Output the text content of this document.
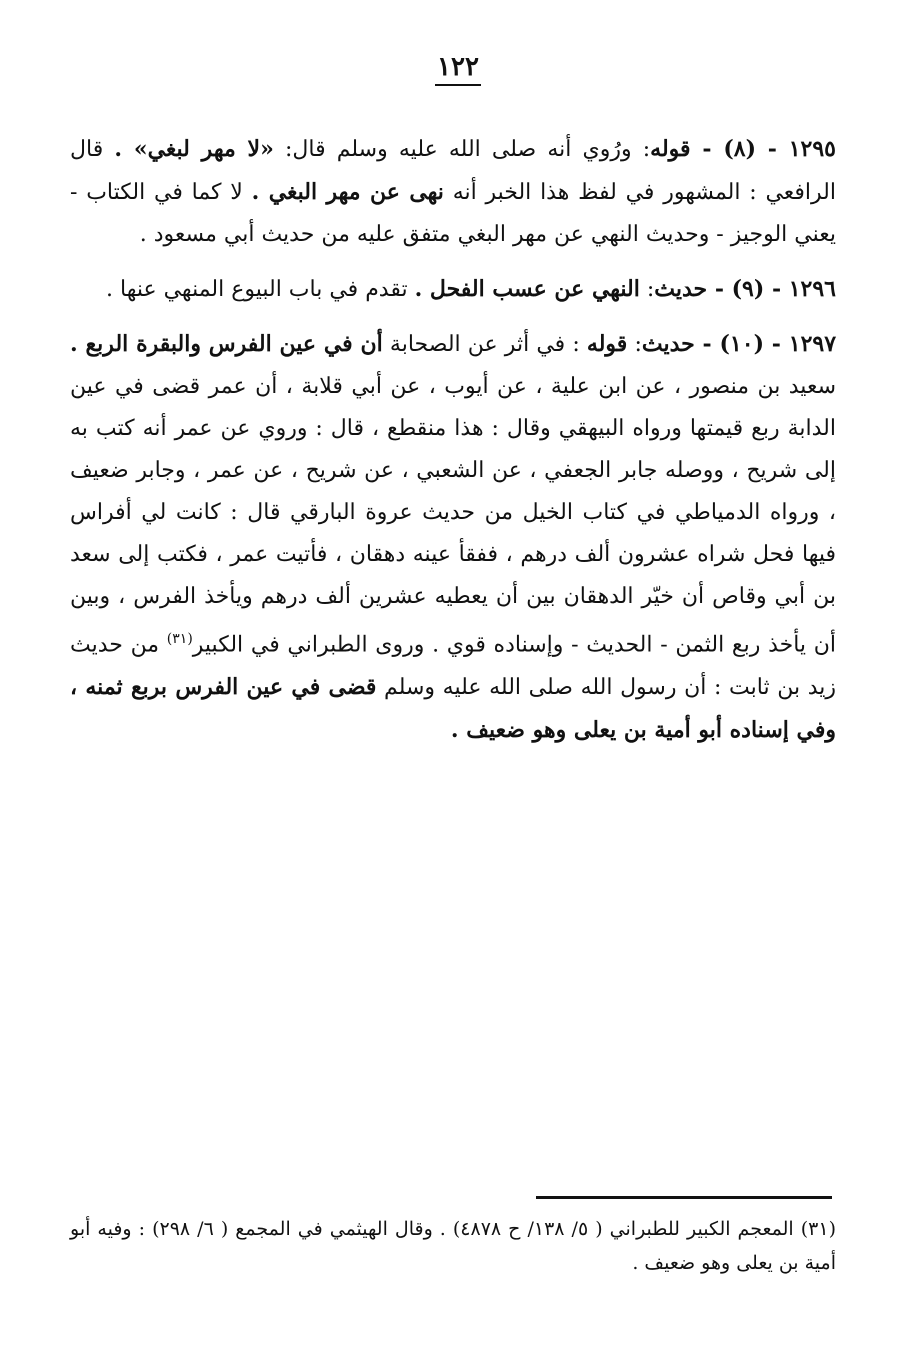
١٢٢

١٢٩٥ - (٨) - قوله: ورُوي أنه صلى الله عليه وسلم قال: «لا مهر لبغي» . قال الرافعي : المشهور في لفظ هذا الخبر أنه نهى عن مهر البغي . لا كما في الكتاب - يعني الوجيز - وحديث النهي عن مهر البغي متفق عليه من حديث أبي مسعود .

١٢٩٦ - (٩) - حديث: النهي عن عسب الفحل . تقدم في باب البيوع المنهي عنها .

١٢٩٧ - (١٠) - حديث: قوله : في أثر عن الصحابة أن في عين الفرس والبقرة الربع . سعيد بن منصور ، عن ابن علية ، عن أيوب ، عن أبي قلابة ، أن عمر قضى في عين الدابة ربع قيمتها ورواه البيهقي وقال : هذا منقطع ، قال : وروي عن عمر أنه كتب به إلى شريح ، ووصله جابر الجعفي ، عن الشعبي ، عن شريح ، عن عمر ، وجابر ضعيف ، ورواه الدمياطي في كتاب الخيل من حديث عروة البارقي قال : كانت لي أفراس فيها فحل شراه عشرون ألف درهم ، ففقأ عينه دهقان ، فأتيت عمر ، فكتب إلى سعد بن أبي وقاص أن خيّر الدهقان بين أن يعطيه عشرين ألف درهم ويأخذ الفرس ، وبين أن يأخذ ربع الثمن - الحديث - وإسناده قوي . وروى الطبراني في الكبير$^{(٣١)}$ من حديث زيد بن ثابت : أن رسول الله صلى الله عليه وسلم قضى في عين الفرس بربع ثمنه ، وفي إسناده أبو أمية بن يعلى وهو ضعيف .

(٣١) المعجم الكبير للطبراني ( ٥/ ١٣٨/ ح ٤٨٧٨) . وقال الهيثمي في المجمع ( ٦/ ٢٩٨) : وفيه أبو أمية بن يعلى وهو ضعيف .
